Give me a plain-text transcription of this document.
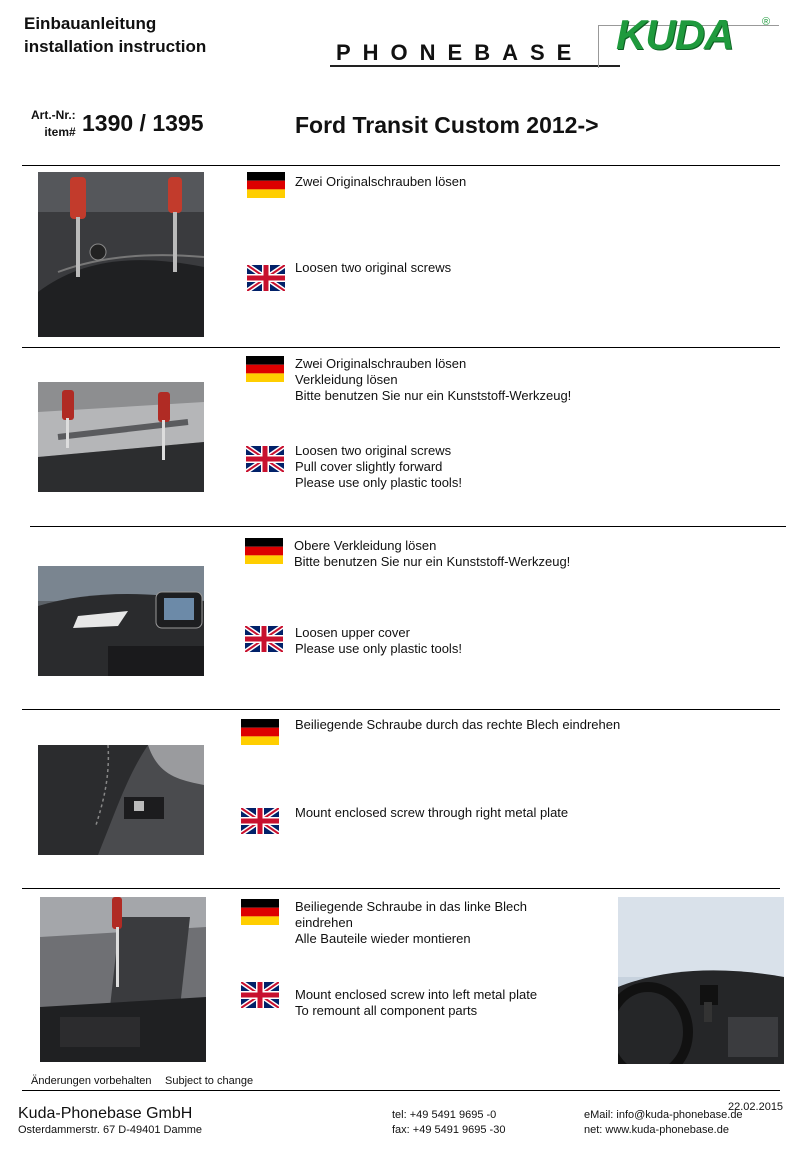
Einbauanleitung
installation instruction	PHONEBASE KUDA	®
Art.-Nr.:
item# 1390 / 1395	Ford Transit Custom 2012->
Zwei Originalschrauben lösen
Loosen two original screws
Zwei Originalschrauben lösen
Verkleidung lösen
Bitte benutzen Sie nur ein Kunststoff-Werkzeug!
Loosen two original screws
Pull cover slightly forward
Please use only plastic tools!
Obere Verkleidung lösen
Bitte benutzen Sie nur ein Kunststoff-Werkzeug!
Loosen upper cover
Please use only plastic tools!
Beiliegende Schraube durch das rechte Blech eindrehen
Mount enclosed screw through right metal plate
Beiliegende Schraube in das linke Blech
eindrehen
Alle Bauteile wieder montieren
Mount enclosed screw into left metal plate
To remount all component parts
Änderungen vorbehalten Subject to change
Kuda-Phonebase GmbH
Osterdammerstr. 67 D-49401 Damme
tel: +49 5491 9695 -0
fax: +49 5491 9695 -30
eMail: info@kuda-phonebase.de
net: www.kuda-phonebase.de
22.02.2015
